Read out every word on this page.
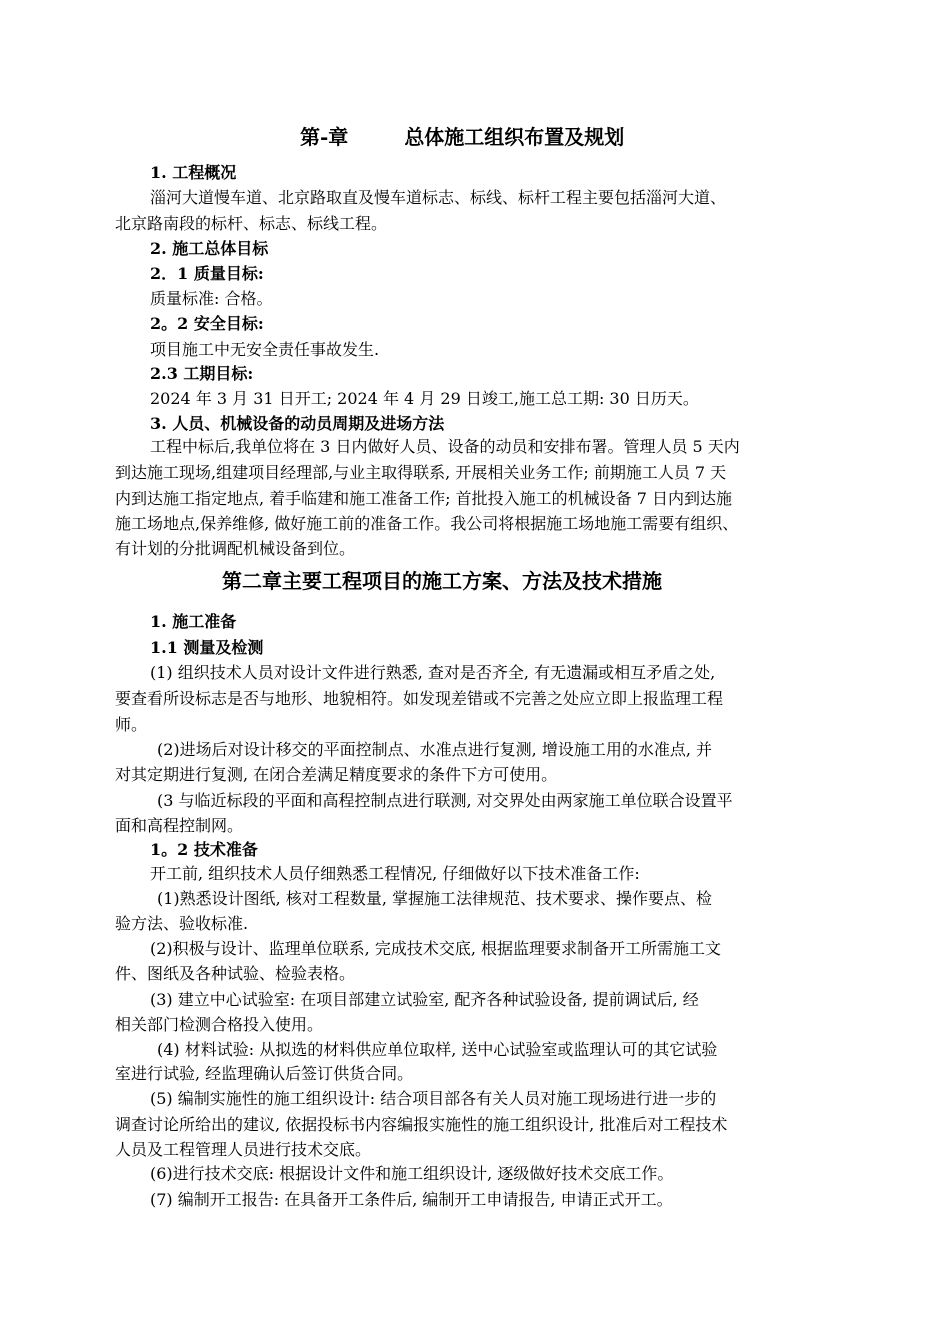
第-章	总体施工组织布置及规划
1. 工程概况
淄河大道慢车道、北京路取直及慢车道标志、标线、标杆工程主要包括淄河大道、
北京路南段的标杆、标志、标线工程。
2. 施工总体目标
2．1 质量目标:
质量标准: 合格。
2。2 安全目标:
项目施工中无安全责任事故发生.
2.3 工期目标:
2024 年 3 月 31 日开工; 2024 年 4 月 29 日竣工,施工总工期: 30 日历天。
3. 人员、机械设备的动员周期及进场方法
工程中标后,我单位将在 3 日内做好人员、设备的动员和安排布署。管理人员 5 天内
到达施工现场,组建项目经理部,与业主取得联系, 开展相关业务工作; 前期施工人员 7 天
内到达施工指定地点, 着手临建和施工准备工作; 首批投入施工的机械设备 7 日内到达施
施工场地点,保养维修, 做好施工前的准备工作。我公司将根据施工场地施工需要有组织、
有计划的分批调配机械设备到位。
第二章主要工程项目的施工方案、方法及技术措施
1. 施工准备
1.1 测量及检测
(1) 组织技术人员对设计文件进行熟悉, 查对是否齐全, 有无遗漏或相互矛盾之处,
要查看所设标志是否与地形、地貌相符。如发现差错或不完善之处应立即上报监理工程
师。
(2)进场后对设计移交的平面控制点、水准点进行复测, 增设施工用的水准点, 并
对其定期进行复测, 在闭合差满足精度要求的条件下方可使用。
(3 与临近标段的平面和高程控制点进行联测, 对交界处由两家施工单位联合设置平
面和高程控制网。
1。2 技术准备
开工前, 组织技术人员仔细熟悉工程情况, 仔细做好以下技术准备工作:
(1)熟悉设计图纸, 核对工程数量, 掌握施工法律规范、技术要求、操作要点、检
验方法、验收标准.
(2)积极与设计、监理单位联系, 完成技术交底, 根据监理要求制备开工所需施工文
件、图纸及各种试验、检验表格。
(3) 建立中心试验室: 在项目部建立试验室, 配齐各种试验设备, 提前调试后, 经
相关部门检测合格投入使用。
(4) 材料试验: 从拟选的材料供应单位取样, 送中心试验室或监理认可的其它试验
室进行试验, 经监理确认后签订供货合同。
(5) 编制实施性的施工组织设计: 结合项目部各有关人员对施工现场进行进一步的
调查讨论所给出的建议, 依据投标书内容编报实施性的施工组织设计, 批准后对工程技术
人员及工程管理人员进行技术交底。
(6)进行技术交底: 根据设计文件和施工组织设计, 逐级做好技术交底工作。
(7) 编制开工报告: 在具备开工条件后, 编制开工申请报告, 申请正式开工。
